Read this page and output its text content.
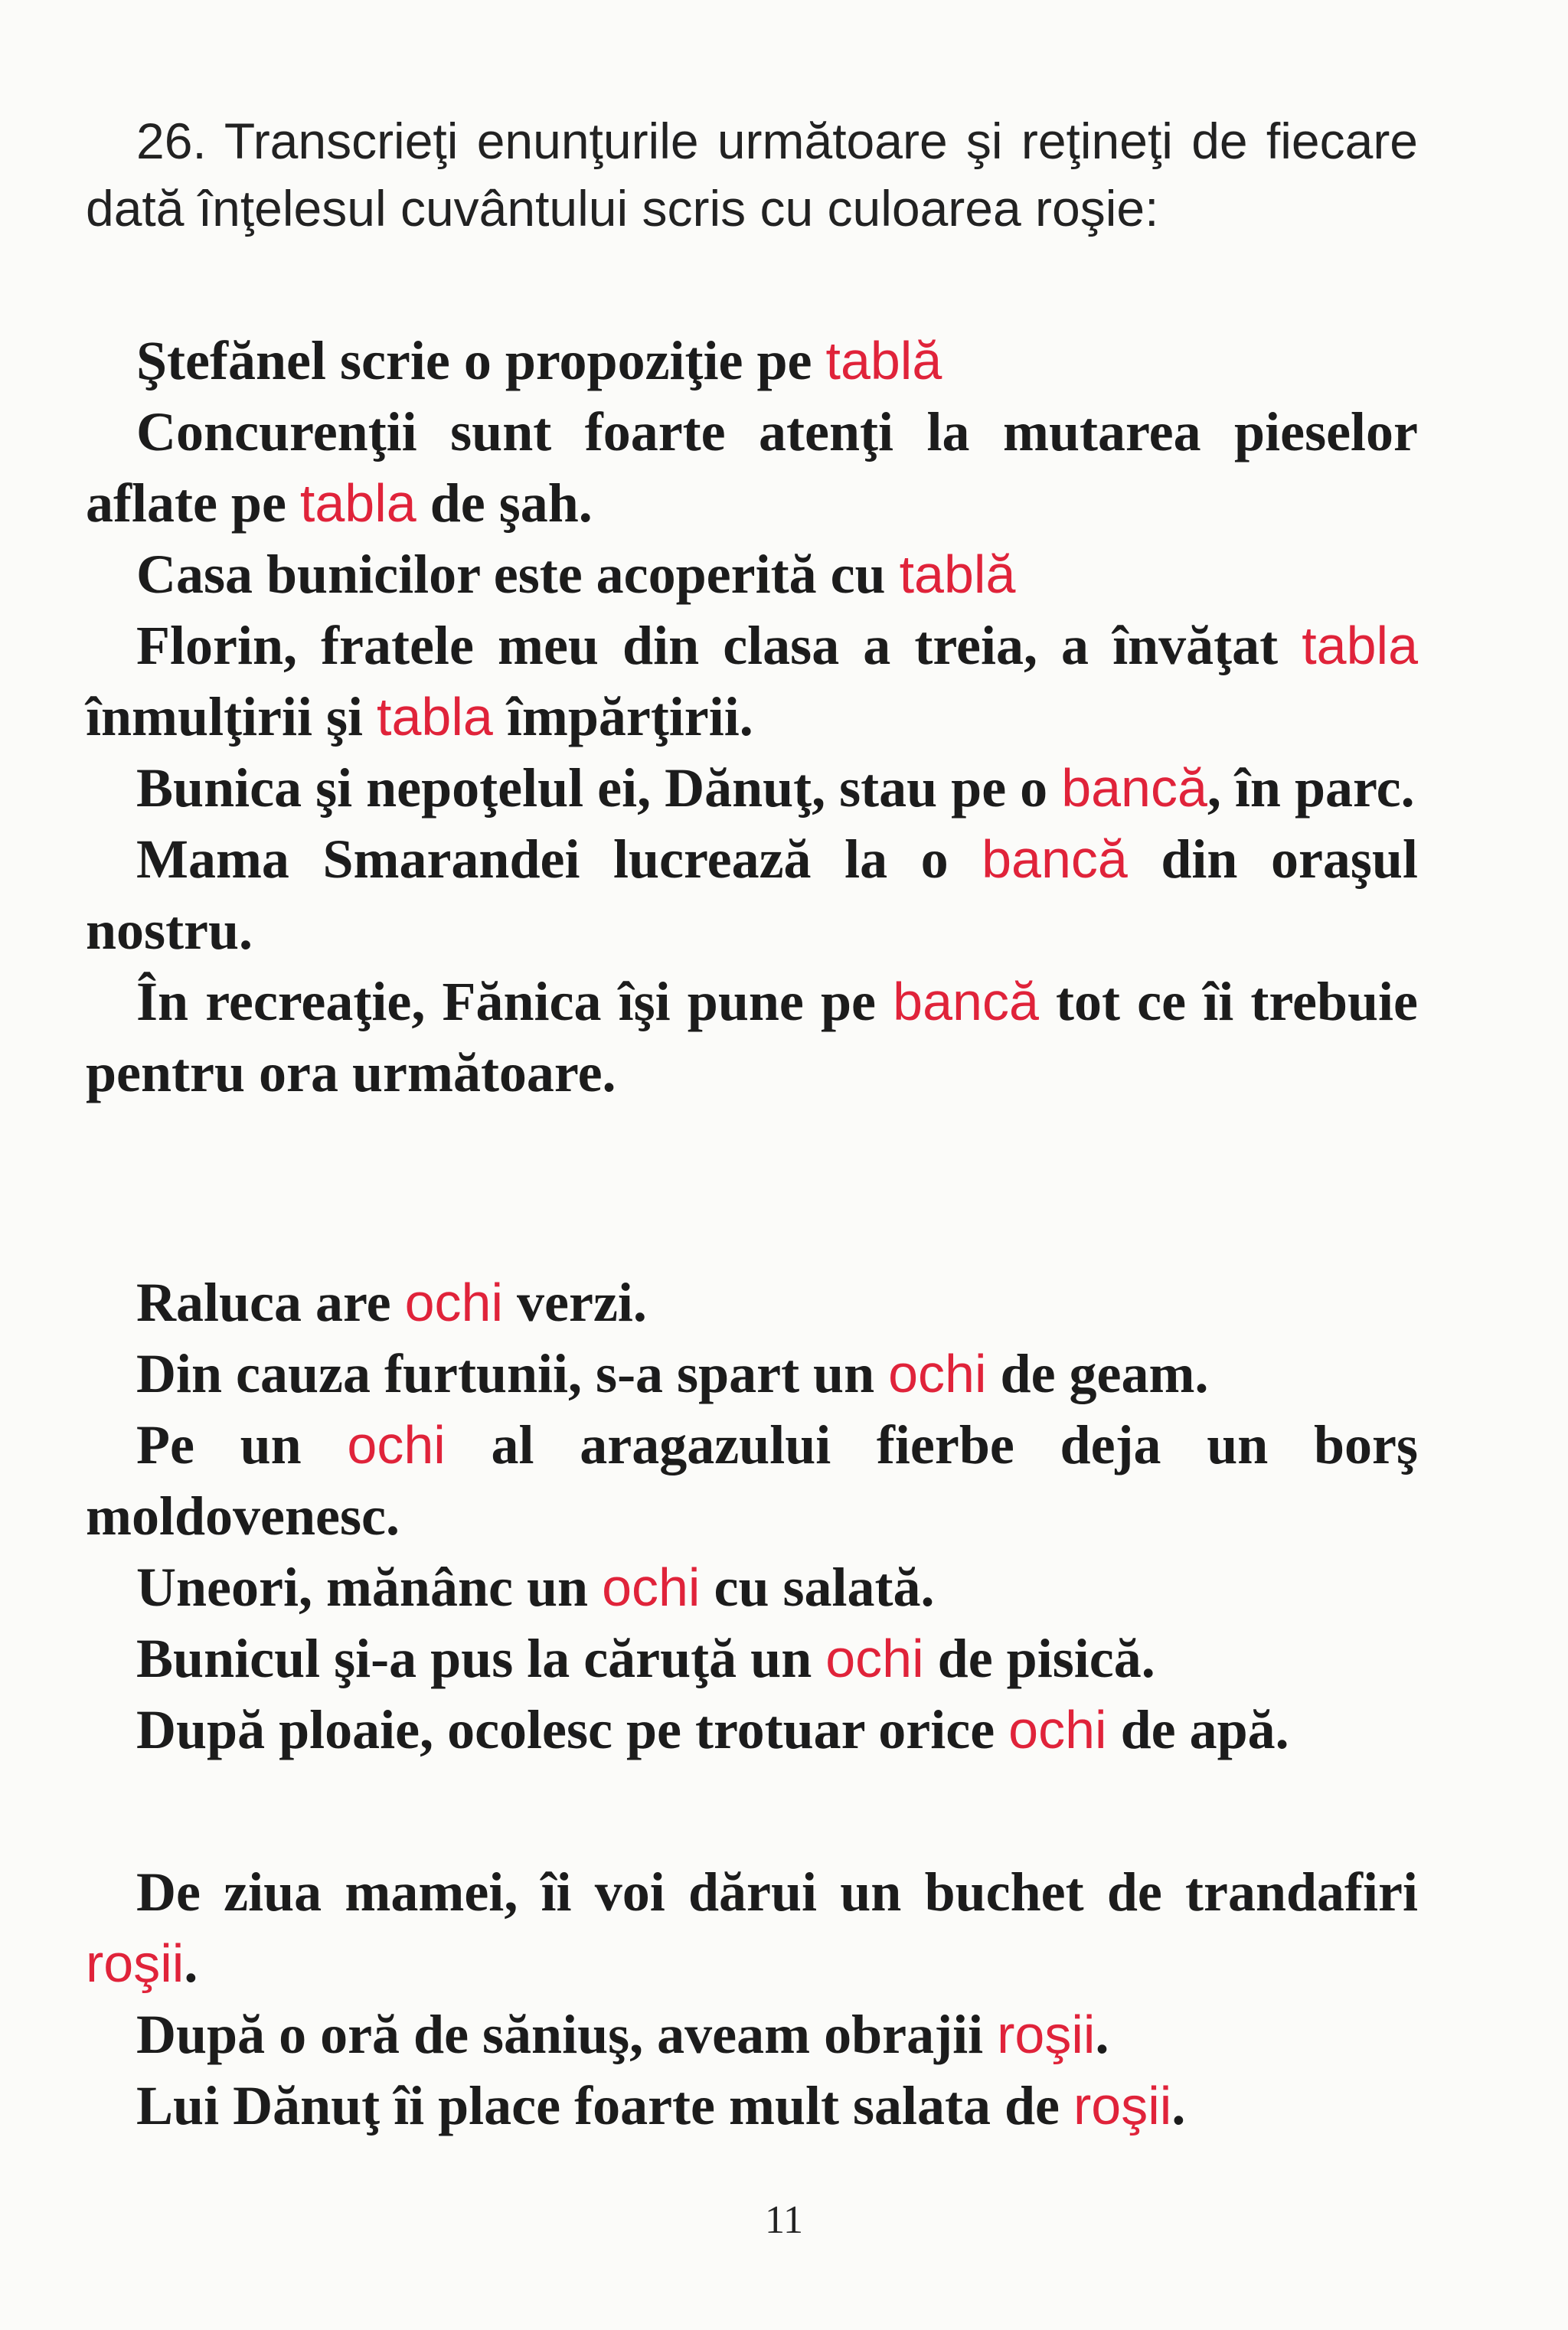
26. Transcrieţi enunţurile următoare şi reţineţi de fiecare dată înţelesul cuvântului scris cu culoarea roşie:

Ştefănel scrie o propoziţie pe tablă

Concurenţii sunt foarte atenţi la mutarea pieselor aflate pe tabla de şah.

Casa bunicilor este acoperită cu tablă

Florin, fratele meu din clasa a treia, a învăţat tabla înmulţirii şi tabla împărţirii.

Bunica şi nepoţelul ei, Dănuţ, stau pe o bancă, în parc.

Mama Smarandei lucrează la o bancă din oraşul nostru.

În recreaţie, Fănica îşi pune pe bancă tot ce îi trebuie pentru ora următoare.

Raluca are ochi verzi.

Din cauza furtunii, s-a spart un ochi de geam.

Pe un ochi al aragazului fierbe deja un borş moldovenesc.

Uneori, mănânc un ochi cu salată.

Bunicul şi-a pus la căruţă un ochi de pisică.

După ploaie, ocolesc pe trotuar orice ochi de apă.

De ziua mamei, îi voi dărui un buchet de trandafiri roşii.

După o oră de săniuş, aveam obrajii roşii.

Lui Dănuţ îi place foarte mult salata de roşii.

11
